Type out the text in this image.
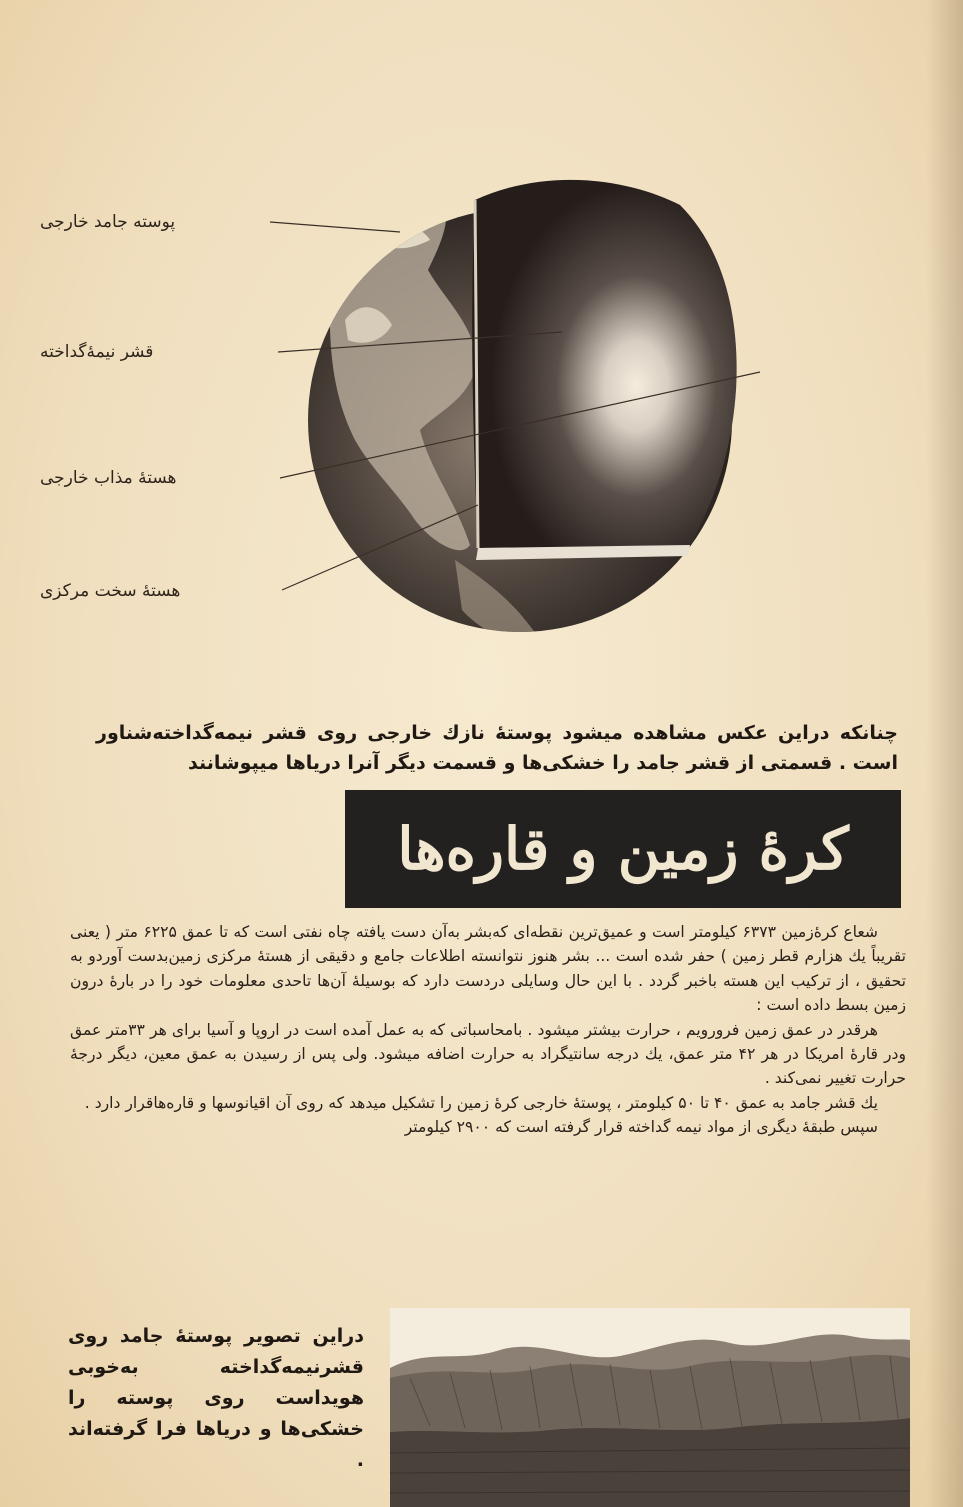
پوسته جامد خارجی
قشر نیمهٔ‌گداخته
هستهٔ مذاب خارجی
هستهٔ سخت مرکزی
چنانکه دراین عکس مشاهده میشود پوستهٔ نازك خارجی روی قشر نیمه‌گداخته‌شناور است . قسمتی از قشر جامد را خشکی‌ها و قسمت دیگر آنرا دریاها میپوشانند
کرهٔ زمین و قاره‌ها

شعاع کرهٔ‌زمین ۶۳۷۳ کیلومتر است و عمیق‌ترین نقطه‌ای که‌بشر به‌آن دست یافته چاه نفتی است که تا عمق ۶۲۲۵ متر ( یعنی تقریباً یك هزارم قطر زمین ) حفر شده است ... بشر هنوز نتوانسته اطلاعات جامع و دقیقی از هستهٔ مرکزی زمین‌بدست آوردو به تحقیق ، از ترکیب این هسته باخبر گردد . با این حال وسایلی دردست دارد که بوسیلهٔ آن‌ها تاحدی معلومات خود را در بارهٔ درون زمین بسط داده است :

هرقدر در عمق زمین فرورویم ، حرارت بیشتر میشود . بامحاسباتی که به عمل آمده است در اروپا و آسیا برای هر ۳۳متر عمق ودر قارهٔ امریکا در هر ۴۲ متر عمق، یك درجه سانتیگراد به حرارت اضافه میشود. ولی پس از رسیدن به عمق معین، دیگر درجهٔ حرارت تغییر نمی‌کند .

یك قشر جامد به عمق ۴۰ تا ۵۰ کیلومتر ، پوستهٔ خارجی کرهٔ زمین را تشکیل میدهد که روی آن اقیانوسها و قاره‌هاقرار دارد .

سپس طبقهٔ دیگری از مواد نیمه گداخته قرار گرفته است که ۲۹۰۰ کیلومتر

دراین تصویر پوستهٔ جامد روی قشرنیمه‌گداخته به‌خوبی هویداست روی پوسته را خشکی‌ها و دریاها فرا گرفته‌اند .
